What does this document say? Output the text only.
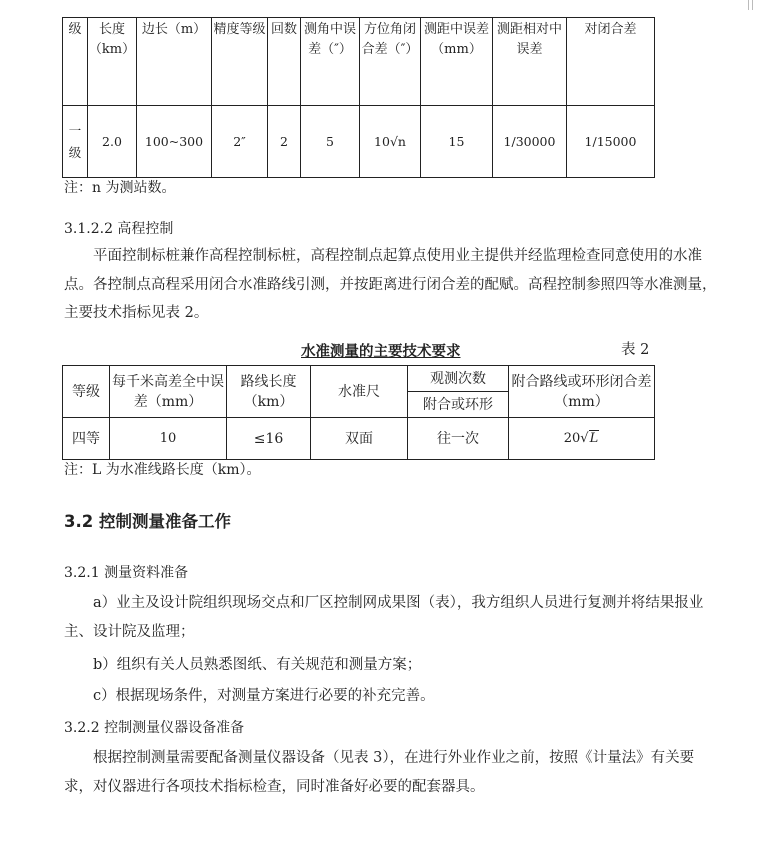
级	长度（km）	边长（m）	精度等级	回数	测角中误差（″）	方位角闭合差（″）	测距中误差（mm）	测距相对中误差	对闭合差
一级	2.0	100~300	2″	2	5	10√n	15	1/30000	1/15000
注：n 为测站数。
3.1.2.2 高程控制
平面控制标桩兼作高程控制标桩，高程控制点起算点使用业主提供并经监理检查同意使用的水准点。各控制点高程采用闭合水准路线引测，并按距离进行闭合差的配赋。高程控制参照四等水准测量，主要技术指标见表 2。
水准测量的主要技术要求	表 2
等级	每千米高差全中误差（mm）	路线长度（km）	水准尺	观测次数	附合路线或环形闭合差（mm）
				附合或环形	
四等	10	≤16	双面	往一次	20√L
注：L 为水准线路长度（km）。
3.2 控制测量准备工作
3.2.1 测量资料准备
a）业主及设计院组织现场交点和厂区控制网成果图（表），我方组织人员进行复测并将结果报业主、设计院及监理；
b）组织有关人员熟悉图纸、有关规范和测量方案；
c）根据现场条件，对测量方案进行必要的补充完善。
3.2.2 控制测量仪器设备准备
根据控制测量需要配备测量仪器设备（见表 3），在进行外业作业之前，按照《计量法》有关要求，对仪器进行各项技术指标检查，同时准备好必要的配套器具。
